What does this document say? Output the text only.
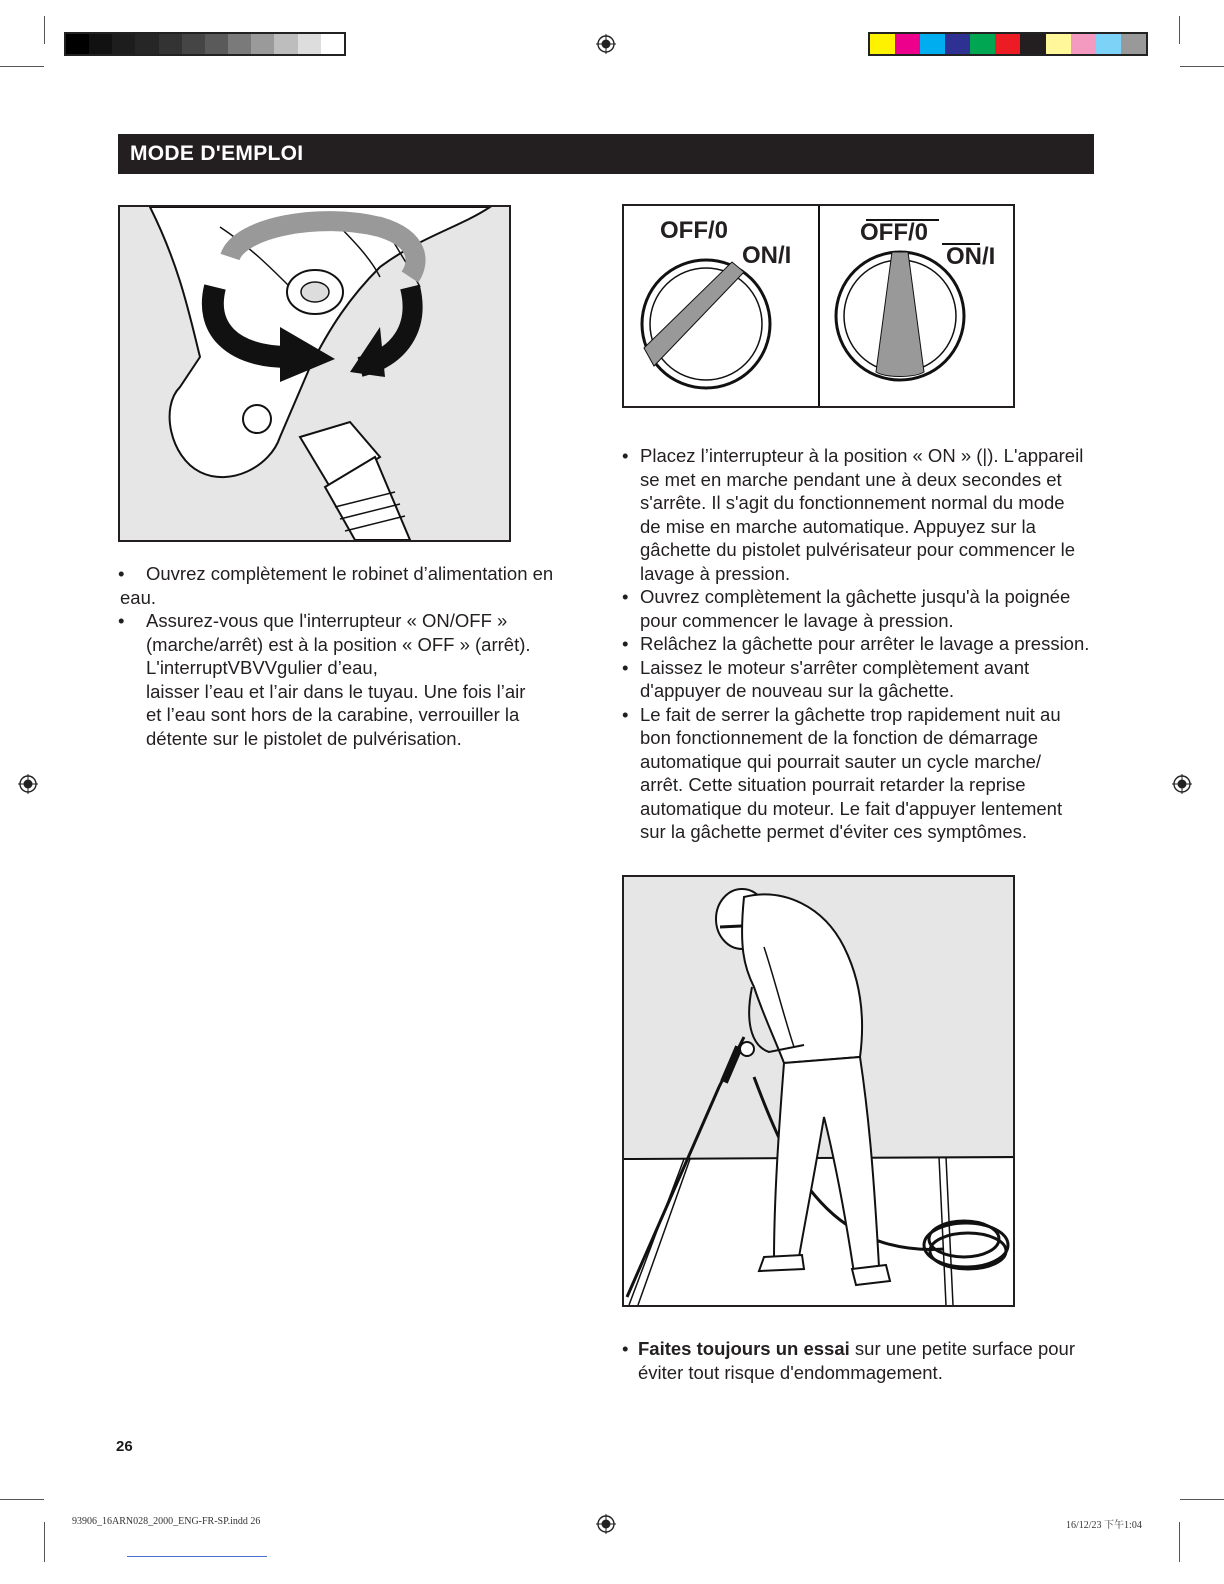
MODE D'EMPLOI
OFF/0
ON/I
OFF/0
ON/I
• Ouvrez complètement le robinet d’alimentation en
eau.
• Assurez-vous que l'interrupteur « ON/OFF »
(marche/arrêt) est à la position « OFF » (arrêt).
L'interruptVBVVgulier d’eau,
laisser l’eau et l’air dans le tuyau. Une fois l’air
et l’eau sont hors de la carabine, verrouiller la
détente sur le pistolet de pulvérisation.
• Placez l’interrupteur à la position « ON » (|). L'appareil
se met en marche pendant une à deux secondes et
s'arrête. Il s'agit du fonctionnement normal du mode
de mise en marche automatique. Appuyez sur la
gâchette du pistolet pulvérisateur pour commencer le
lavage à pression.
• Ouvrez complètement la gâchette jusqu'à la poignée
pour commencer le lavage à pression.
• Relâchez la gâchette pour arrêter le lavage a pression.
• Laissez le moteur s'arrêter complètement avant
d'appuyer de nouveau sur la gâchette.
• Le fait de serrer la gâchette trop rapidement nuit au
bon fonctionnement de la fonction de démarrage
automatique qui pourrait sauter un cycle marche/
arrêt. Cette situation pourrait retarder la reprise
automatique du moteur. Le fait d'appuyer lentement
sur la gâchette permet d'éviter ces symptômes.
• Faites toujours un essai sur une petite surface pour
éviter tout risque d'endommagement.
26
93906_16ARN028_2000_ENG-FR-SP.indd 26	16/12/23 下午1:04
